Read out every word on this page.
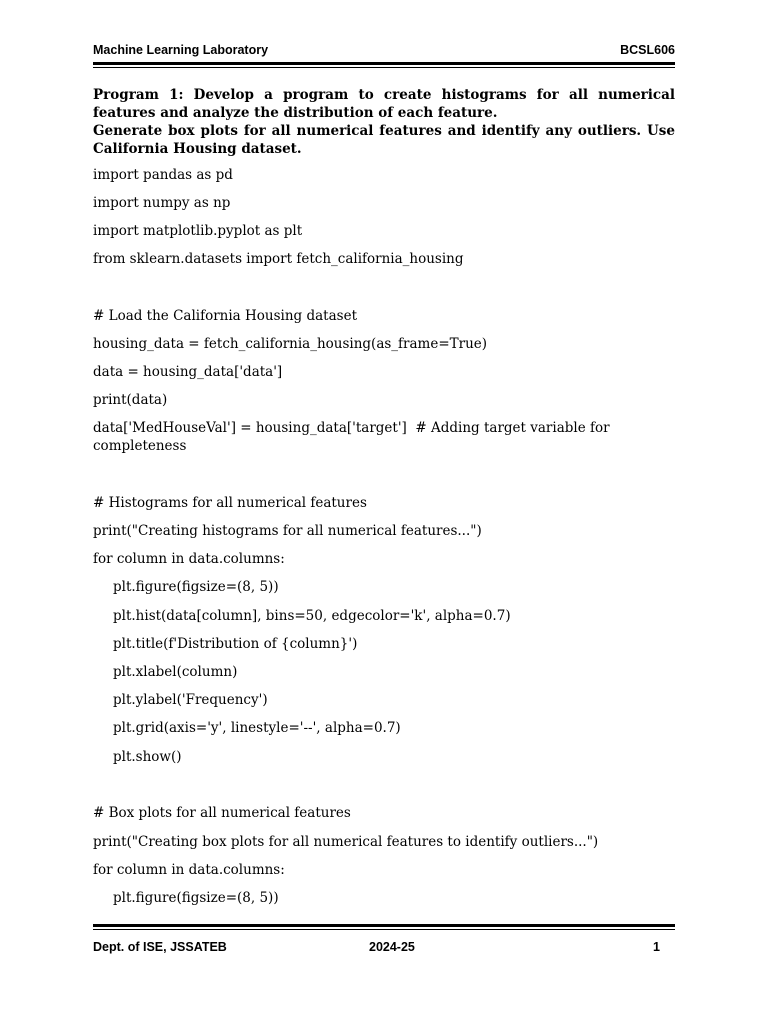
Machine Learning Laboratory	BCSL606

Program 1: Develop a program to create histograms for all numerical features and analyze the distribution of each feature.

Generate box plots for all numerical features and identify any outliers. Use California Housing dataset.

import pandas as pd
import numpy as np
import matplotlib.pyplot as plt
from sklearn.datasets import fetch_california_housing
# Load the California Housing dataset
housing_data = fetch_california_housing(as_frame=True)
data = housing_data['data']
print(data)
data['MedHouseVal'] = housing_data['target']  # Adding target variable for completeness
# Histograms for all numerical features
print("Creating histograms for all numerical features...")
for column in data.columns:
plt.figure(figsize=(8, 5))
plt.hist(data[column], bins=50, edgecolor='k', alpha=0.7)
plt.title(f'Distribution of {column}')
plt.xlabel(column)
plt.ylabel('Frequency')
plt.grid(axis='y', linestyle='--', alpha=0.7)
plt.show()
# Box plots for all numerical features
print("Creating box plots for all numerical features to identify outliers...")
for column in data.columns:
plt.figure(figsize=(8, 5))
Dept. of ISE, JSSATEB	2024-25	1
